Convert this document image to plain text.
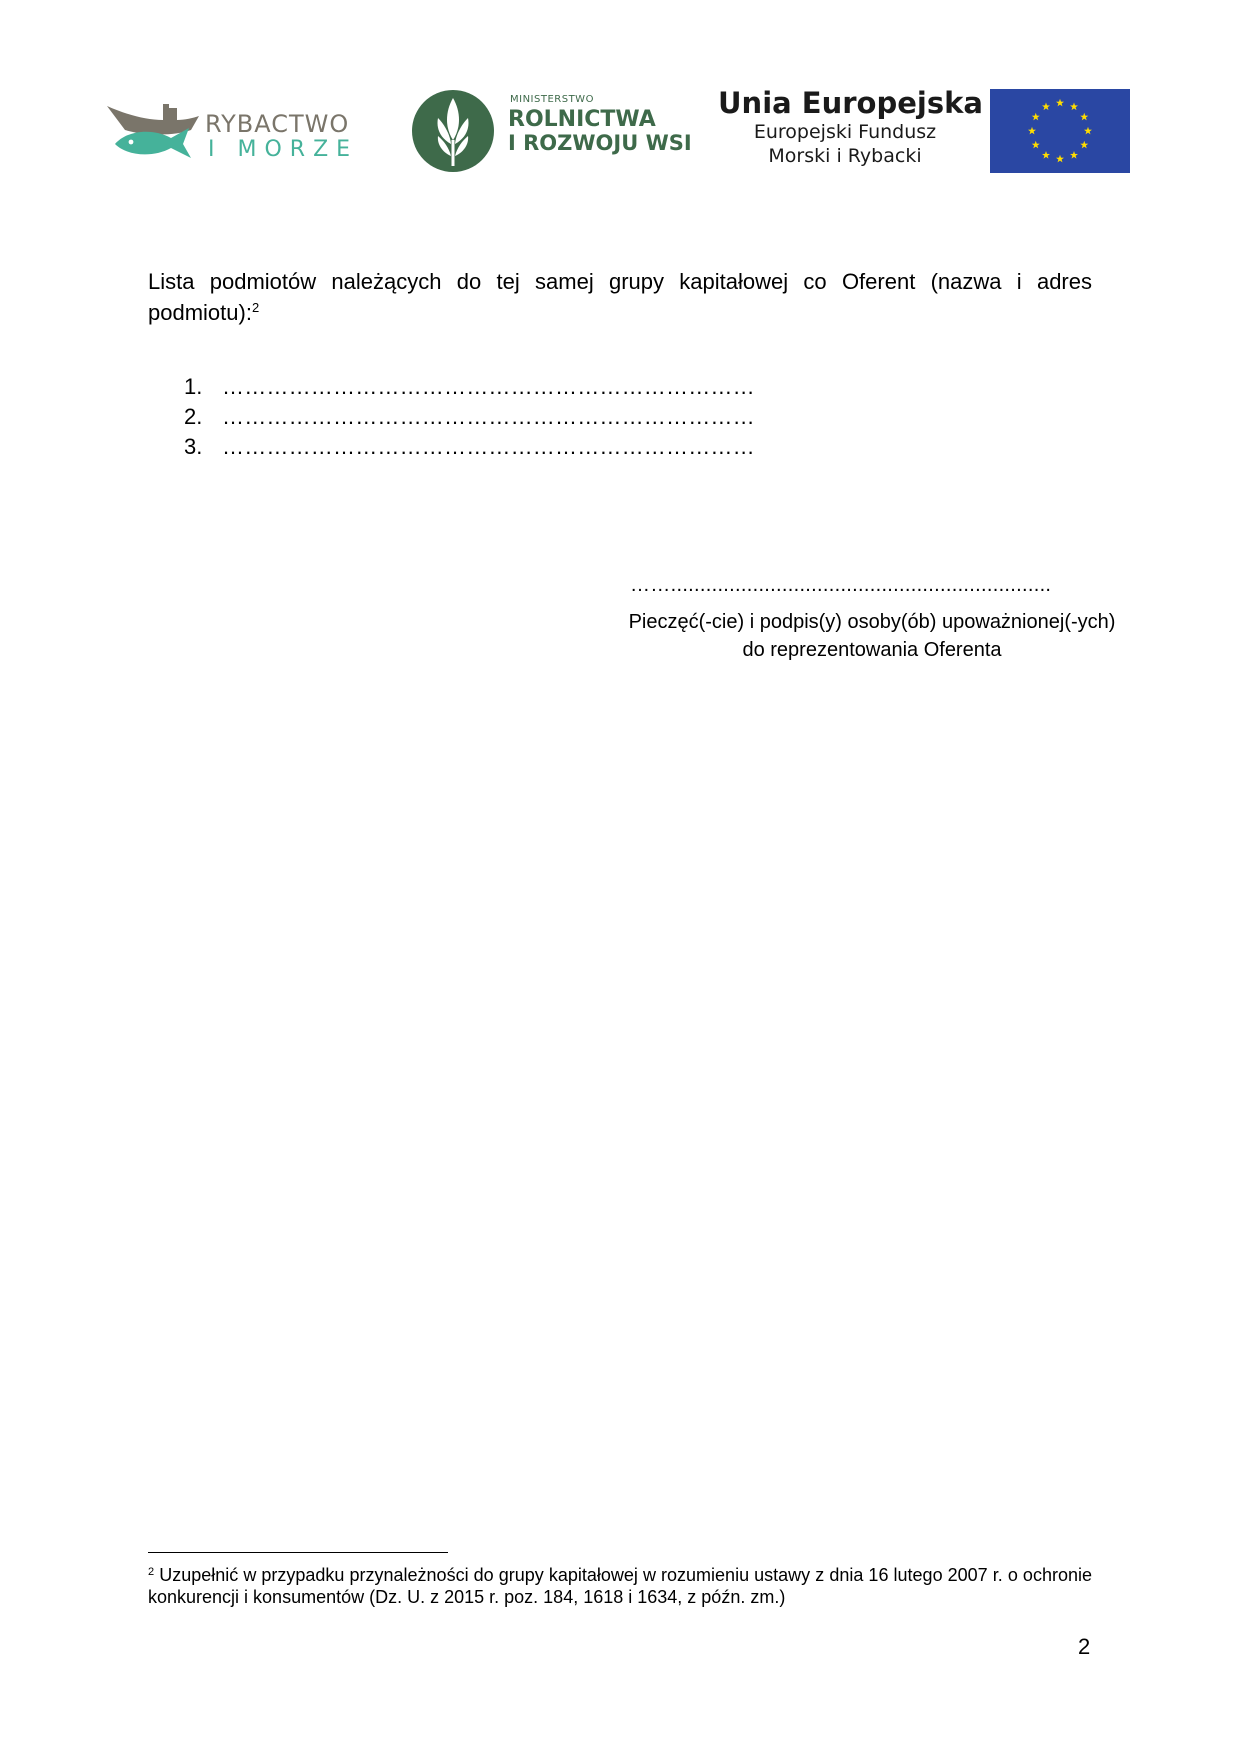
RYBACTWO
I MORZE
MINISTERSTWO
ROLNICTWA
I ROZWOJU WSI
Unia Europejska
Europejski Fundusz
Morski i Rybacki
Lista podmiotów należących do tej samej grupy kapitałowej co Oferent (nazwa i adres podmiotu):$^2$
1. ………………………………………………………………
2. ………………………………………………………………
3. ………………………………………………………………
…….................................................................
Pieczęć(-cie) i podpis(y) osoby(ób) upoważnionej(-ych) do reprezentowania Oferenta
$^2$ Uzupełnić w przypadku przynależności do grupy kapitałowej w rozumieniu ustawy z dnia 16 lutego 2007 r. o ochronie konkurencji i konsumentów (Dz. U. z 2015 r. poz. 184, 1618 i 1634, z późn. zm.)
2
